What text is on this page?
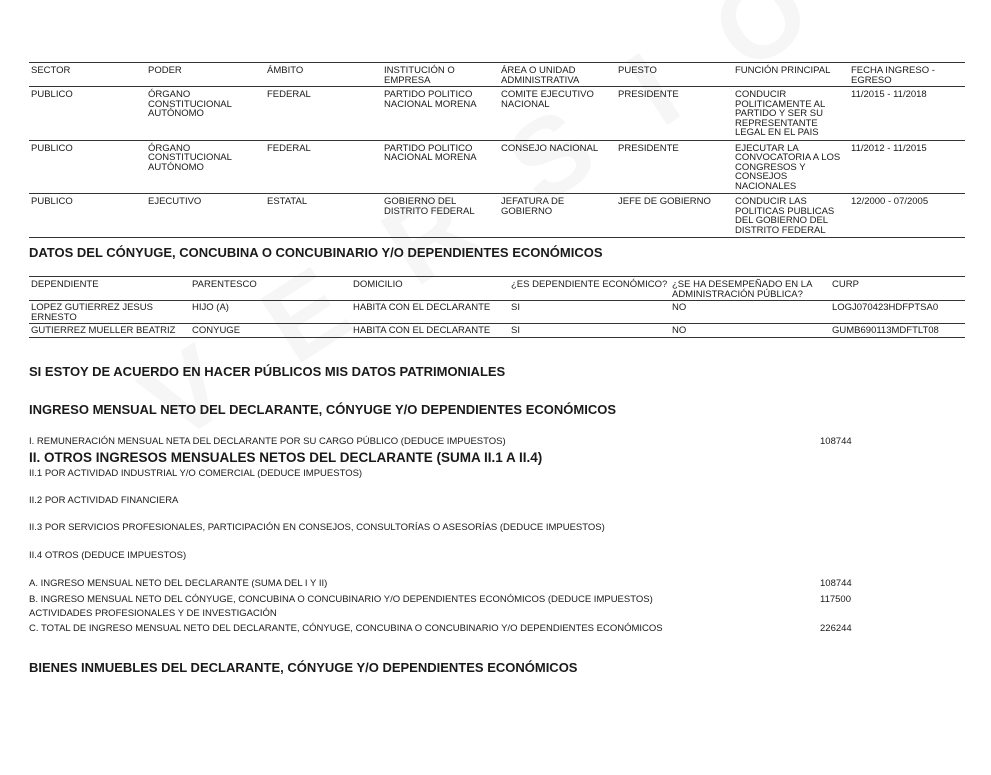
SECTOR	PODER	ÁMBITO	INSTITUCIÓN O EMPRESA	ÁREA O UNIDAD ADMINISTRATIVA	PUESTO	FUNCIÓN PRINCIPAL	FECHA INGRESO - EGRESO
PUBLICO	ÓRGANO CONSTITUCIONAL AUTÓNOMO	FEDERAL	PARTIDO POLITICO NACIONAL MORENA	COMITE EJECUTIVO NACIONAL	PRESIDENTE	CONDUCIR POLITICAMENTE AL PARTIDO Y SER SU REPRESENTANTE LEGAL EN EL PAIS	11/2015 - 11/2018
PUBLICO	ÓRGANO CONSTITUCIONAL AUTÓNOMO	FEDERAL	PARTIDO POLITICO NACIONAL MORENA	CONSEJO NACIONAL	PRESIDENTE	EJECUTAR LA CONVOCATORIA A LOS CONGRESOS Y CONSEJOS NACIONALES	11/2012 - 11/2015
PUBLICO	EJECUTIVO	ESTATAL	GOBIERNO DEL DISTRITO FEDERAL	JEFATURA DE GOBIERNO	JEFE DE GOBIERNO	CONDUCIR LAS POLITICAS PUBLICAS DEL GOBIERNO DEL DISTRITO FEDERAL	12/2000 - 07/2005
DATOS DEL CÓNYUGE, CONCUBINA O CONCUBINARIO Y/O DEPENDIENTES ECONÓMICOS
DEPENDIENTE	PARENTESCO	DOMICILIO	¿ES DEPENDIENTE ECONÓMICO?	¿SE HA DESEMPEÑADO EN LA ADMINISTRACIÓN PÚBLICA?	CURP
LOPEZ GUTIERREZ JESUS ERNESTO	HIJO (A)	HABITA CON EL DECLARANTE	SI	NO	LOGJ070423HDFPTSA0
GUTIERREZ MUELLER BEATRIZ	CONYUGE	HABITA CON EL DECLARANTE	SI	NO	GUMB690113MDFTLT08
SI ESTOY DE ACUERDO EN HACER PÚBLICOS MIS DATOS PATRIMONIALES
INGRESO MENSUAL NETO DEL DECLARANTE, CÓNYUGE Y/O DEPENDIENTES ECONÓMICOS
I. REMUNERACIÓN MENSUAL NETA DEL DECLARANTE POR SU CARGO PÚBLICO (DEDUCE IMPUESTOS)	108744
II. OTROS INGRESOS MENSUALES NETOS DEL DECLARANTE (SUMA II.1 A II.4)
II.1 POR ACTIVIDAD INDUSTRIAL Y/O COMERCIAL (DEDUCE IMPUESTOS)
II.2 POR ACTIVIDAD FINANCIERA
II.3 POR SERVICIOS PROFESIONALES, PARTICIPACIÓN EN CONSEJOS, CONSULTORÍAS O ASESORÍAS (DEDUCE IMPUESTOS)
II.4 OTROS (DEDUCE IMPUESTOS)
A. INGRESO MENSUAL NETO DEL DECLARANTE (SUMA DEL I Y II)	108744
B. INGRESO MENSUAL NETO DEL CÓNYUGE, CONCUBINA O CONCUBINARIO Y/O DEPENDIENTES ECONÓMICOS (DEDUCE IMPUESTOS)	117500
ACTIVIDADES PROFESIONALES Y DE INVESTIGACIÓN
C. TOTAL DE INGRESO MENSUAL NETO DEL DECLARANTE, CÓNYUGE, CONCUBINA O CONCUBINARIO Y/O DEPENDIENTES ECONÓMICOS	226244
BIENES INMUEBLES DEL DECLARANTE, CÓNYUGE Y/O DEPENDIENTES ECONÓMICOS
